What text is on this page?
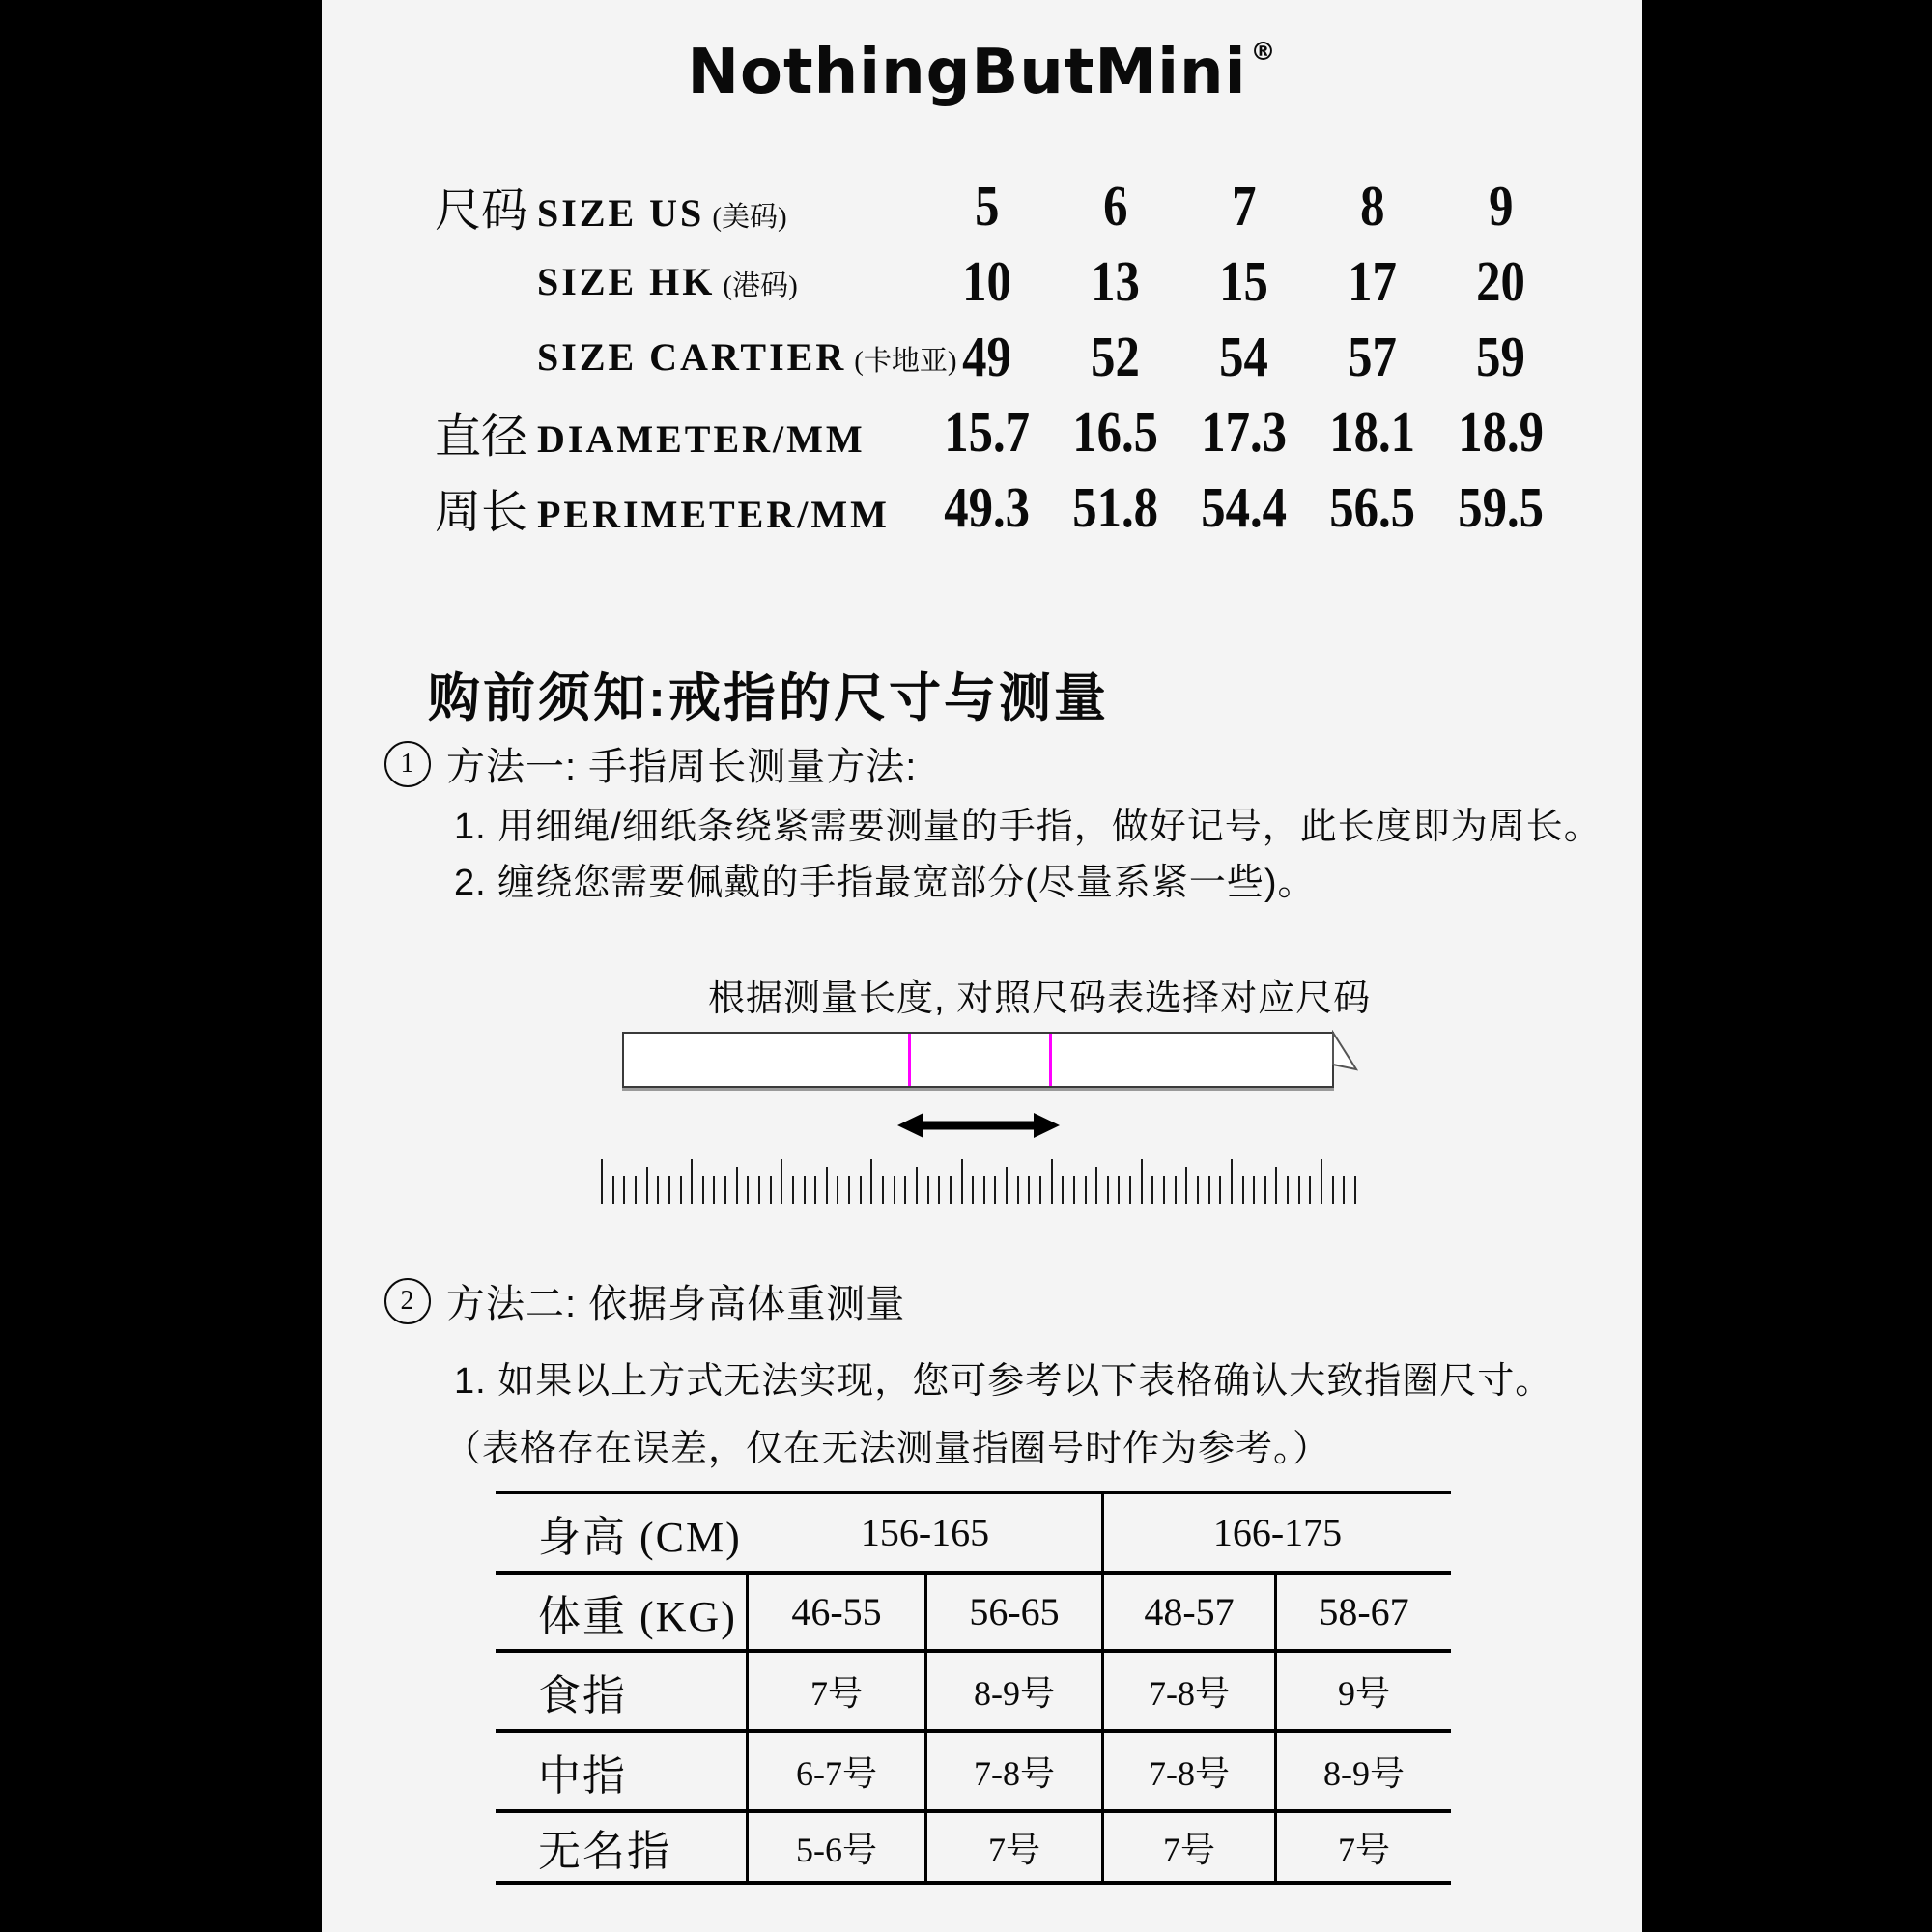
NothingButMini ®
尺码 SIZE US (美码)	5	6	7	8	9
SIZE HK (港码)	10	13	15	17	20
SIZE CARTIER (卡地亚) 49	52	54	57	59
直径 DIAMETER/MM	15.7 16.5 17.3 18.1 18.9
周长 PERIMETER/MM 49.3 51.8 54.4 56.5 59.5
购前须知:戒指的尺寸与测量
1 方法一: 手指周长测量方法:
1. 用细绳/细纸条绕紧需要测量的手指，做好记号，此长度即为周长。
2. 缠绕您需要佩戴的手指最宽部分(尽量系紧一些)。
根据测量长度, 对照尺码表选择对应尺码
2 方法二: 依据身高体重测量
1. 如果以上方式无法实现，您可参考以下表格确认大致指圈尺寸。
（表格存在误差，仅在无法测量指圈号时作为参考。）
身高 (CM)	156-165	166-175
体重 (KG)	46-55	56-65	48-57	58-67
食指	7号	8-9号	7-8号	9号
中指	6-7号	7-8号	7-8号	8-9号
无名指	5-6号	7号	7号	7号
